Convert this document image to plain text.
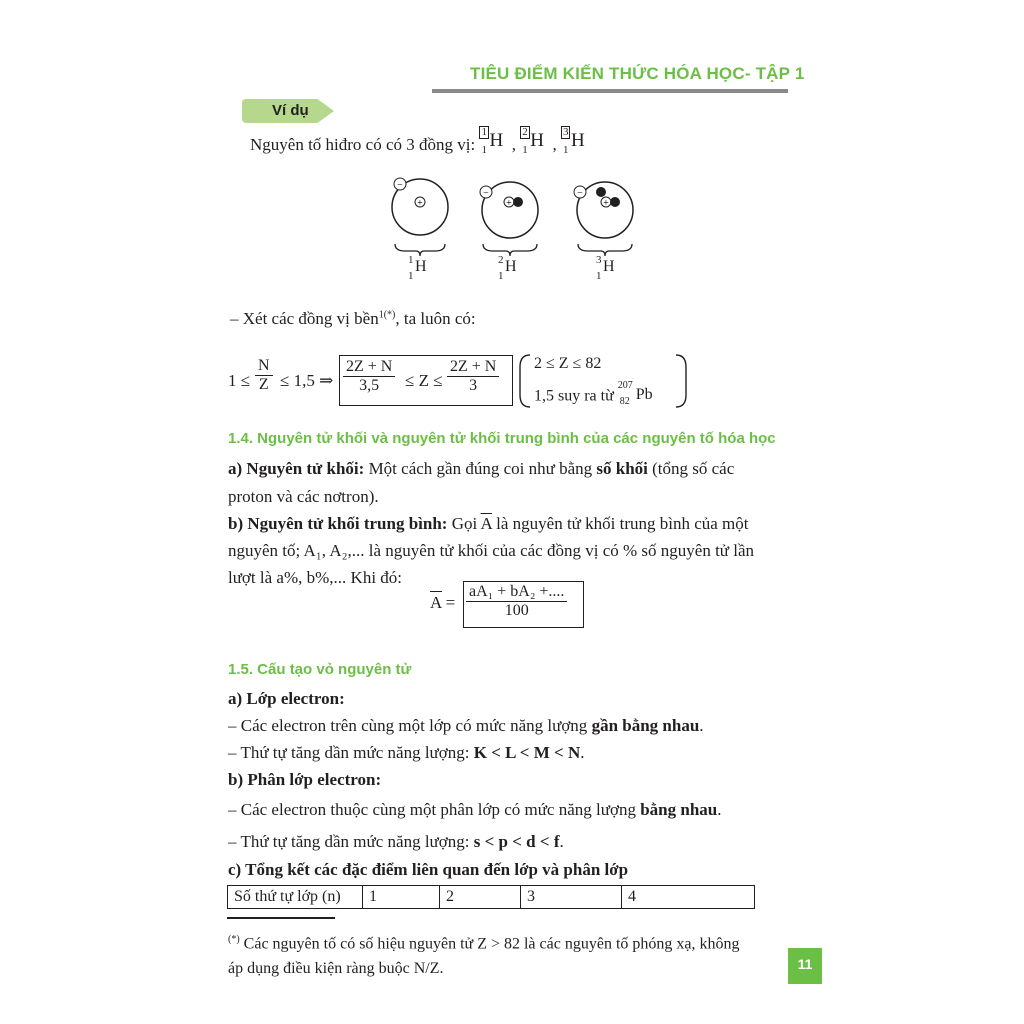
TIÊU ĐIỂM KIẾN THỨC HÓA HỌC- TẬP 1
Ví dụ
Nguyên tố hiđro có có 3 đồng vị:
1
1 H ,
2
1 H ,
3
1 H
+
−
+
−
+
−
1
1
H	2
1
H	3
1
H
– Xét các đồng vị bền$^{1(*)}$, ta luôn có:
$1 \le \frac{N}{Z} \le 1,5$ ⇒ $\frac{2Z + N}{3,5} \le Z \le \frac{2Z + N}{3} 2 \le Z \le 82$
1,5 suy ra từ
207
82 Pb
1.4. Nguyên tử khối và nguyên tử khối trung bình của các nguyên tố hóa học
a) Nguyên tử khối: Một cách gần đúng coi như bằng số khối (tổng số các
proton và các nơtron).
b) Nguyên tử khối trung bình: Gọi $\overline{A}$ là nguyên tử khối trung bình của một
nguyên tố; A₁, A₂,... là nguyên tử khối của các đồng vị có % số nguyên tử lần
lượt là a%, b%,... Khi đó:
$A = \frac{\text{aA₁ + bA₂ +....}}{100}$
1.5. Cấu tạo vỏ nguyên tử
a) Lớp electron:
– Các electron trên cùng một lớp có mức năng lượng gần bằng nhau.
– Thứ tự tăng dần mức năng lượng: K < L < M < N.
b) Phân lớp electron:
– Các electron thuộc cùng một phân lớp có mức năng lượng bằng nhau.
– Thứ tự tăng dần mức năng lượng: s < p < d < f.
c) Tổng kết các đặc điểm liên quan đến lớp và phân lớp
Số thứ tự lớp (n)	1	2	3	4
(*) Các nguyên tố có số hiệu nguyên tử Z > 82 là các nguyên tố phóng xạ, không
áp dụng điều kiện ràng buộc N/Z.	11
